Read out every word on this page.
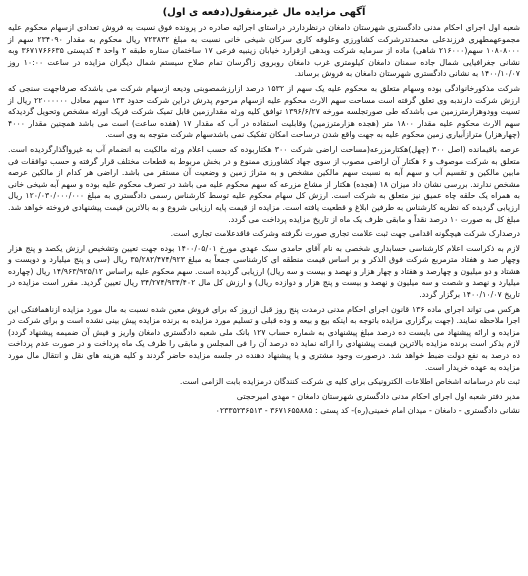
آگهی مزایده مال غیرمنقول(دفعه ی اول)

شعبه اول اجرای احکام مدنی دادگستری شهرستان دامغان درنظرداردر دراستای اجرائیه صادره در پرونده فوق نسبت به فروش تعدادی ازسهام محکوم علیه مجموعهمطهری فرزندعلی محمدتدرشرکت کشاورزی وعلوفه کاری سرکان شیخی خانی نسبت به مبلغ ۷۲۳۸۳۲ ریال محکوم به مقدار ۲۳۴۰۹۰ سهم از ۱۰۸۰۸۰۰۰ سهم(۲۱۶۰۰۰ شاهی) ماده از سرمایه شرکت وبدهی ازقرارد خیابان زینبیه فرعی ۱۷ ساختمان ستاره طبقه ۲ واحد ۴ کدپستی ۳۶۷۱۷۶۶۶۳۵ وبه نشانی جغرافیایی شمال جاده سمنان دامغان کیلومتری غرب دامغان روبروی زاگرسان تمام صلاح سیستم شمال دیگران مزایده در ساعت ۱۰:۰۰ روز ۱۴۰۰/۱۰/۰۷ به نشانی دادگستری شهرستان دامغان به فروش برساند.

شرکت مذکورخانوادگی بوده وسهام متعلق به محکوم علیه یک سهم از ۱۵۳۲ درصد ازارزشمصوبنی ودیعه ازسهام شرکت می باشدکه صرفاجهت سنجی که ارزش شرکت دارندبه وی تعلق گرفته است مساحت سهم الارث محکوم علیه ازسهام مرحوم پدرش دراین شرکت حدود ۱۳۳ سهم معادل ۲۲۰۰۰۰۰۰ ریال از تسیت وودوهزارمترزمین می باشدکه طی صورتجلسه مورخه ۱۳۹۶/۶/۲۷ توافق کلیه ورثه مقدارزمین قابل تمیک شرکت فریک اورثه مشخص وتحویل گردیدکه سهم الارث محکوم علیه مقدار ۱۸۰۰ متر (هجده هزارمترزمین) وقابلیت استفاده در آب که مقدار ۱۷ (هفده ساعت) است می باشد همچنین مقدار ۴۰۰۰ (چهارهزار) مترازآبیاری زمین محکوم علیه به جهت واقع شدن درساحت امکان تفکیک نمی باشدسهام شرکت متوجه به وی است.

عرصه باقیمانده (اصل ۳۰۰ (چهل)هکتارمزرعه(مساحت اراضی شرکت ۳۰۰ هکتاربوده که حسب اعلام ورثه مالکیت به انضمام آب به غیرواگذارگردیده است. متعلق به شرکت موصوف و ۶ هکتار آن اراضی مصوب از سوی جهاد کشاورزی ممنوع و در بخش مربوط به قطعات مختلف قرار گرفته و حسب توافقات فی مابین مالکین و تقسیم آب و سهم آبه به نسبت سهم مالکین مشخص و به متراژ زمین و وضعیت آن مستقر می باشد. اراضی هر کدام از مالکین عرصه مشخص ندارند. بررسی نشان داد میزان ۱۸ (هجده) هکتار از مشاع مزرعه که سهم محکوم علیه می باشد در تصرف محکوم علیه بوده و سهم آبه شیخی خانی به همراه یک حلقه چاه عمیق نیز متعلق به شرکت است. ارزش کل سهام محکوم علیه توسط کارشناس رسمی دادگستری به مبلغ ۱۲۰/۰۳۰/۰۰۰/۰۰۰ ریال ارزیابی گردیده که نظریه کارشناس به طرفین ابلاغ و قطعیت یافته است. مزایده از قیمت پایه ارزیابی شروع و به بالاترین قیمت پیشنهادی فروخته خواهد شد. مبلغ کل به صورت ۱۰ درصد نقداً و مابقی ظرف یک ماه از تاریخ مزایده پرداخت می گردد.

درصدارک شرکت هیچگونه اقدامی جهت ثبت علامت تجاری صورت نگرفته وشرکت فاقدعلامت تجاری است.

لازم به ذکراست اعلام کارشناسی حسابداری شخصی به نام آقای حامدی سبک عهدی مورخ ۱۴۰۰/۰۵/۰۱ بوده جهت تعیین وتشخیص ارزش یکصد و پنج هزار وچهار صد و هفتاد مترمربع شرکت فوق الذکر و بر اساس قیمت منطقه ای کارشناسی جمعاً به مبلغ ۳۵/۲۸۲/۴۷۴/۹۲۳ ریال (سی و پنج میلیارد و دویست و هشتاد و دو میلیون و چهارصد و هفتاد و چهار هزار و نهصد و بیست و سه ریال) ارزیابی گردیده است. سهم محکوم علیه براساس ۱۴/۹۶۳/۹۲۵/۱۲ ریال (چهارده میلیارد و نهصد و شصت و سه میلیون و نهصد و بیست و پنج هزار و دوازده ریال) و ارزش کل مال ۳۴/۲۷۴/۹۳۴/۴۰۲ ریال تعیین گردید. مقرر است مزایده در تاریخ ۱۴۰۰/۱۰/۰۷ برگزار گردد.

هرکس می تواند اجرای ماده ۱۳۶ قانون اجرای احکام مدنی درمدت پنج روز قبل ازروز که برای فروش معین شده نسبت به مال مورد مزایده ازناهمافنکی این اجرا ملاحظه نمایند. (جهت برگزاری مزایده باتوجه به اینکه بیع و بیعه و وده قبلی و تسلیم مورد مزایده به برنده مزایده پیش بینی نشده است و برای شرکت در مزایده و ارائه پیشنهاد می بایست ده درصد مبلغ پیشنهادی به شماره حساب ۱۲۷ بانک ملی شعبه دادگستری دامغان واریز و فیش آن ضمیمه پیشنهاد گردد) لازم بذکر است برنده مزایده بالاترین قیمت پیشنهادی را ارائه نماید ده درصد آن را فی المجلس و مابقی را ظرف یک ماه پرداخت و در صورت عدم پرداخت ده درصد به نفع دولت ضبط خواهد شد. درصورت وجود مشتری و یا پیشنهاد دهنده در جلسه مزایده حاضر گردند و کلیه هزینه های نقل و انتقال مال مورد مزایده به عهده خریدار است.

ثبت نام درسامانه اشخاص اطلاعات الکترونیکی برای کلیه ی شرکت کنندگان درمزایده بابت الزامی است.

مدیر دفتر شعبه اول اجرای احکام مدنی دادگستری شهرستان دامغان - مهدی امیرحجتی

نشانی دادگستری - دامغان - میدان امام خمینی(ره)- کد پستی : ۳۶۷۱۶۵۵۸۸۵ - ۰۲۳۳۵۲۳۶۵۱۳
